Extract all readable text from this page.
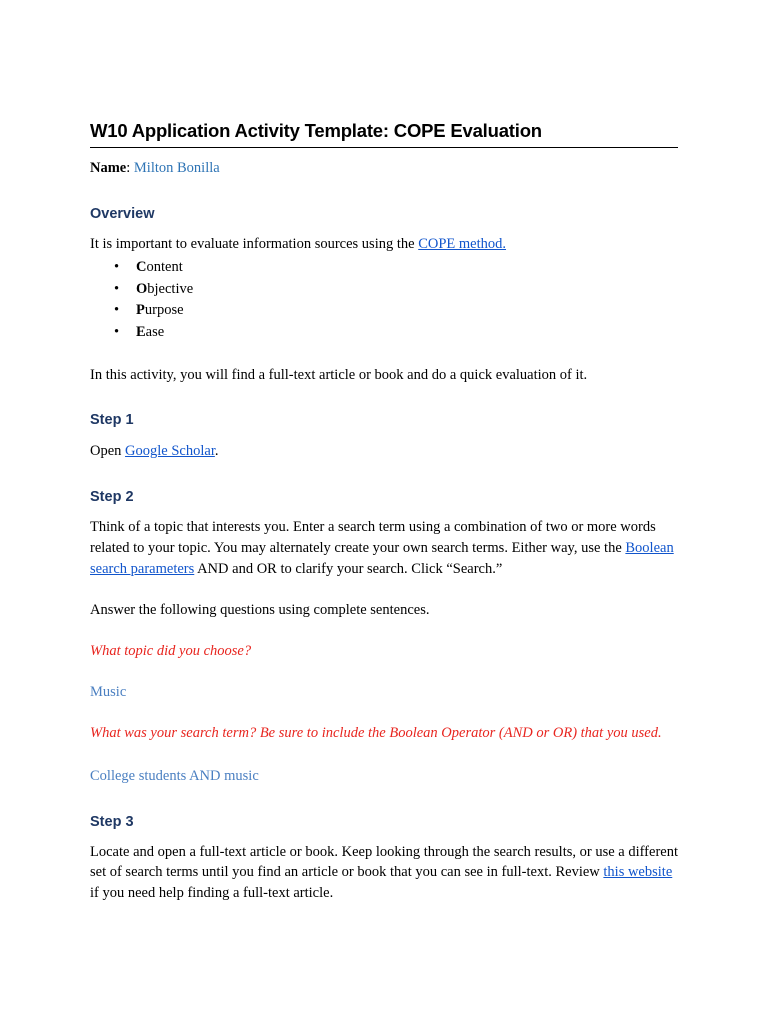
W10 Application Activity Template: COPE Evaluation

Name: Milton Bonilla

Overview

It is important to evaluate information sources using the COPE method.

• Content
• Objective
• Purpose
• Ease

In this activity, you will find a full-text article or book and do a quick evaluation of it.

Step 1

Open Google Scholar.

Step 2

Think of a topic that interests you. Enter a search term using a combination of two or more words related to your topic. You may alternately create your own search terms. Either way, use the Boolean search parameters AND and OR to clarify your search. Click “Search.”

Answer the following questions using complete sentences.

What topic did you choose?

Music

What was your search term? Be sure to include the Boolean Operator (AND or OR) that you used.

College students AND music

Step 3

Locate and open a full-text article or book. Keep looking through the search results, or use a different set of search terms until you find an article or book that you can see in full-text. Review this website if you need help finding a full-text article.
